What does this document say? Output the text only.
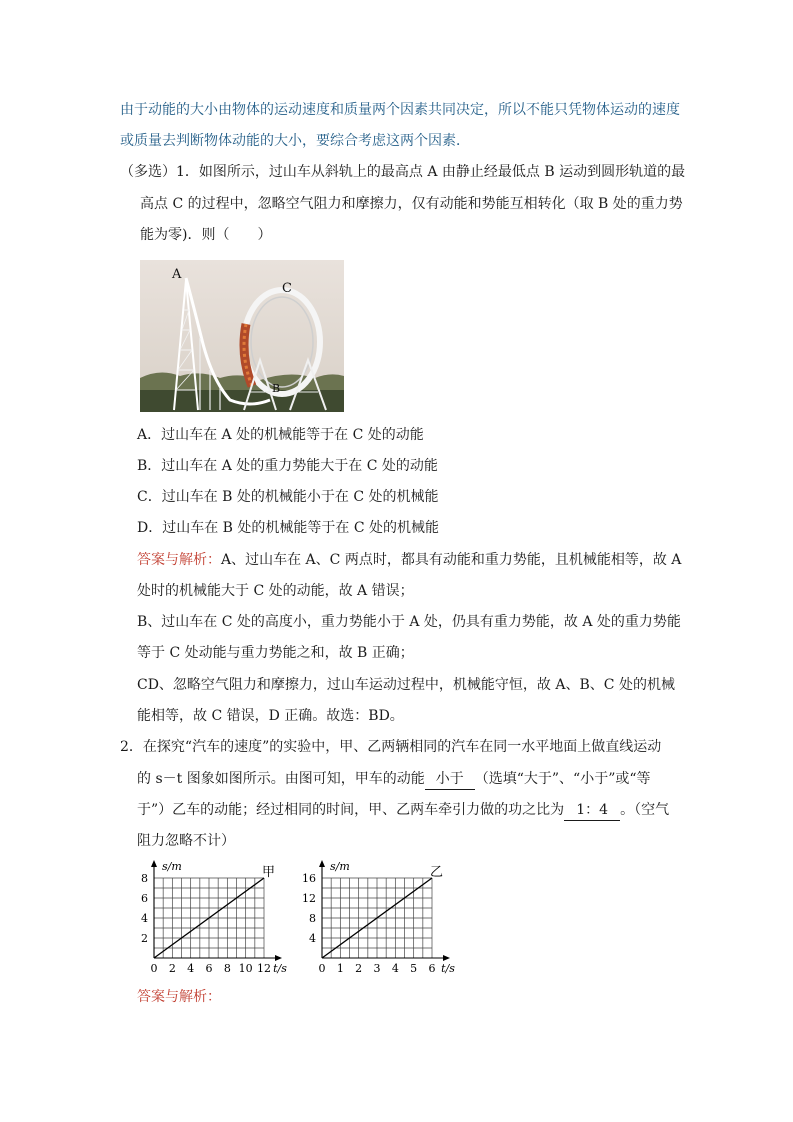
由于动能的大小由物体的运动速度和质量两个因素共同决定，所以不能只凭物体运动的速度
或质量去判断物体动能的大小，要综合考虑这两个因素．
（多选）1．如图所示，过山车从斜轨上的最高点 A 由静止经最低点 B 运动到圆形轨道的最
高点 C 的过程中，忽略空气阻力和摩擦力，仅有动能和势能互相转化（取 B 处的重力势
能为零)．则（　　）
A
C
B
A．过山车在 A 处的机械能等于在 C 处的动能
B．过山车在 A 处的重力势能大于在 C 处的动能
C．过山车在 B 处的机械能小于在 C 处的机械能
D．过山车在 B 处的机械能等于在 C 处的机械能
答案与解析：A、过山车在 A、C 两点时，都具有动能和重力势能，且机械能相等，故 A
处时的机械能大于 C 处的动能，故 A 错误；
B、过山车在 C 处的高度小，重力势能小于 A 处，仍具有重力势能，故 A 处的重力势能
等于 C 处动能与重力势能之和，故 B 正确；
CD、忽略空气阻力和摩擦力，过山车运动过程中，机械能守恒，故 A、B、C 处的机械
能相等，故 C 错误，D 正确。故选：BD。
2．在探究“汽车的速度”的实验中，甲、乙两辆相同的汽车在同一水平地面上做直线运动
的 s－t 图象如图所示。由图可知，甲车的动能 小于 （选填“大于”、“小于”或“等
于”）乙车的动能；经过相同的时间，甲、乙两车牵引力做的功之比为 1：4 。（空气
阻力忽略不计）
0 2 4 6 8 10 12
2
4
6
8
t/s
s/m	甲
0 1 2 3 4 5 6
4
8
12
16
t/s
s/m	乙
答案与解析：
